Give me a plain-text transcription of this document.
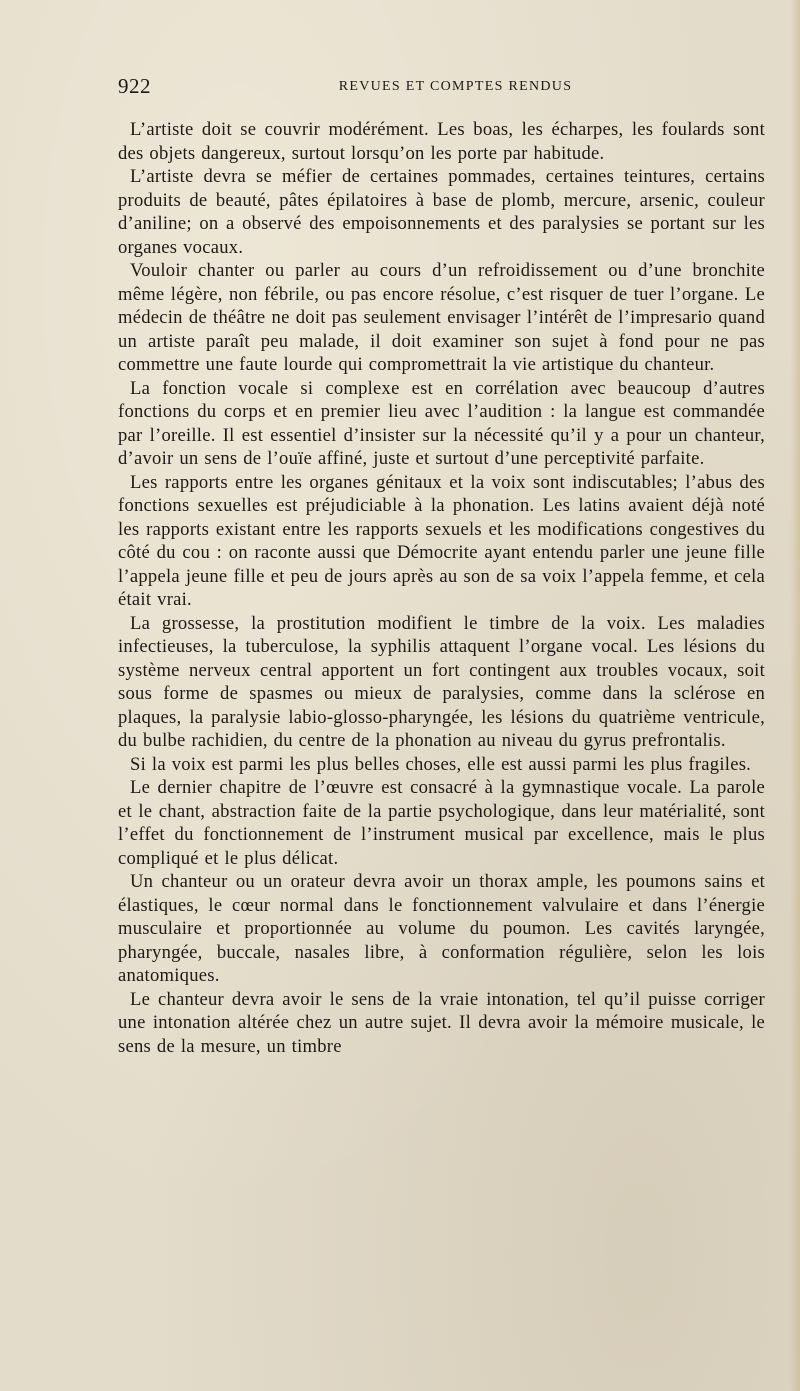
922	REVUES ET COMPTES RENDUS

L’artiste doit se couvrir modérément. Les boas, les écharpes, les foulards sont des objets dangereux, surtout lorsqu’on les porte par habitude.

L’artiste devra se méfier de certaines pommades, certaines teintures, certains produits de beauté, pâtes épilatoires à base de plomb, mercure, arsenic, couleur d’aniline; on a observé des empoisonnements et des paralysies se portant sur les organes vocaux.

Vouloir chanter ou parler au cours d’un refroidissement ou d’une bronchite même légère, non fébrile, ou pas encore résolue, c’est risquer de tuer l’organe. Le médecin de théâtre ne doit pas seulement envisager l’intérêt de l’impresario quand un artiste paraît peu malade, il doit examiner son sujet à fond pour ne pas commettre une faute lourde qui compromettrait la vie artistique du chanteur.

La fonction vocale si complexe est en corrélation avec beaucoup d’autres fonctions du corps et en premier lieu avec l’audition : la langue est commandée par l’oreille. Il est essentiel d’insister sur la nécessité qu’il y a pour un chanteur, d’avoir un sens de l’ouïe affiné, juste et surtout d’une perceptivité parfaite.

Les rapports entre les organes génitaux et la voix sont indiscutables; l’abus des fonctions sexuelles est préjudiciable à la phonation. Les latins avaient déjà noté les rapports existant entre les rapports sexuels et les modifications congestives du côté du cou : on raconte aussi que Démocrite ayant entendu parler une jeune fille l’appela jeune fille et peu de jours après au son de sa voix l’appela femme, et cela était vrai.

La grossesse, la prostitution modifient le timbre de la voix. Les maladies infectieuses, la tuberculose, la syphilis attaquent l’organe vocal. Les lésions du système nerveux central apportent un fort contingent aux troubles vocaux, soit sous forme de spasmes ou mieux de paralysies, comme dans la sclérose en plaques, la paralysie labio-glosso-pharyngée, les lésions du quatrième ventricule, du bulbe rachidien, du centre de la phonation au niveau du gyrus prefrontalis.

Si la voix est parmi les plus belles choses, elle est aussi parmi les plus fragiles.

Le dernier chapitre de l’œuvre est consacré à la gymnastique vocale. La parole et le chant, abstraction faite de la partie psychologique, dans leur matérialité, sont l’effet du fonctionnement de l’instrument musical par excellence, mais le plus compliqué et le plus délicat.

Un chanteur ou un orateur devra avoir un thorax ample, les poumons sains et élastiques, le cœur normal dans le fonctionnement valvulaire et dans l’énergie musculaire et proportionnée au volume du poumon. Les cavités laryngée, pharyngée, buccale, nasales libre, à conformation régulière, selon les lois anatomiques.

Le chanteur devra avoir le sens de la vraie intonation, tel qu’il puisse corriger une intonation altérée chez un autre sujet. Il devra avoir la mémoire musicale, le sens de la mesure, un timbre
